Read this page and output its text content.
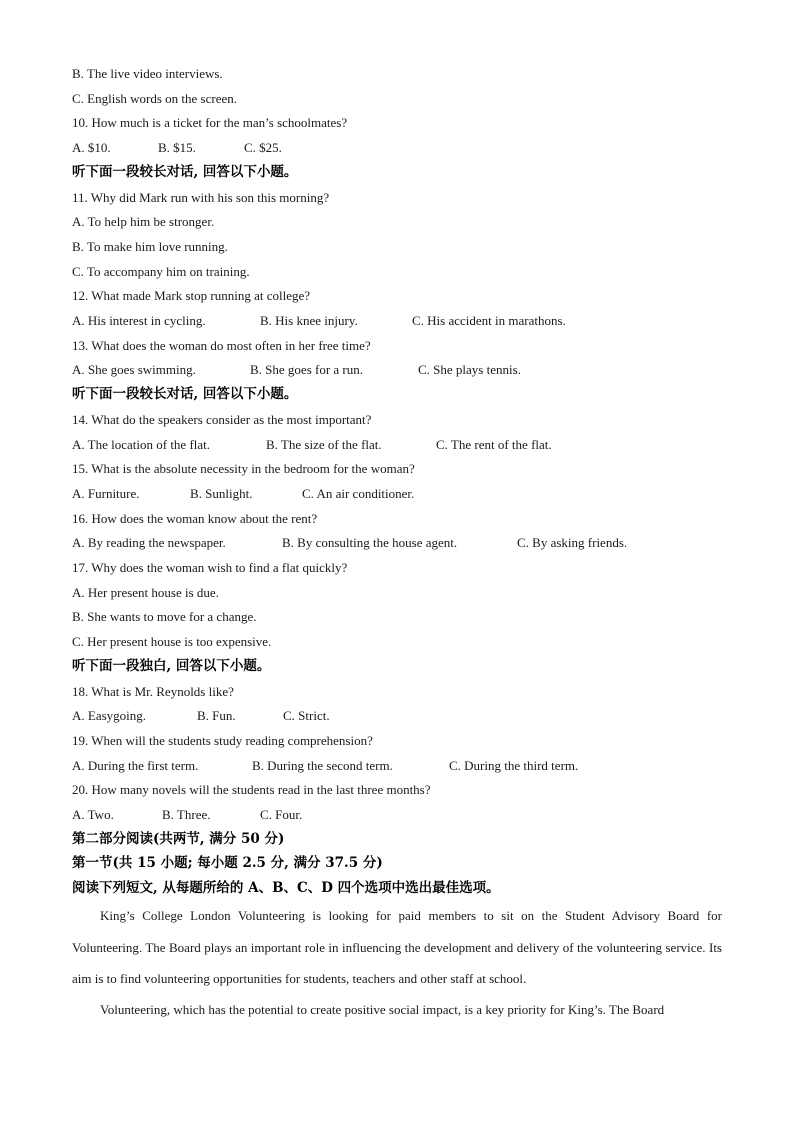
B. The live video interviews.
C. English words on the screen.
10. How much is a ticket for the man’s schoolmates?
A. $10.	B. $15.	C. $25.
听下面一段较长对话, 回答以下小题。
11. Why did Mark run with his son this morning?
A. To help him be stronger.
B. To make him love running.
C. To accompany him on training.
12. What made Mark stop running at college?
A. His interest in cycling.	B. His knee injury.	C. His accident in marathons.
13. What does the woman do most often in her free time?
A. She goes swimming.	B. She goes for a run.	C. She plays tennis.
听下面一段较长对话, 回答以下小题。
14. What do the speakers consider as the most important?
A. The location of the flat.	B. The size of the flat.	C. The rent of the flat.
15. What is the absolute necessity in the bedroom for the woman?
A. Furniture.	B. Sunlight.	C. An air conditioner.
16. How does the woman know about the rent?
A. By reading the newspaper.	B. By consulting the house agent.	C. By asking friends.
17. Why does the woman wish to find a flat quickly?
A. Her present house is due.
B. She wants to move for a change.
C. Her present house is too expensive.
听下面一段独白, 回答以下小题。
18. What is Mr. Reynolds like?
A. Easygoing.	B. Fun.	C. Strict.
19. When will the students study reading comprehension?
A. During the first term.	B. During the second term.	C. During the third term.
20. How many novels will the students read in the last three months?
A. Two.	B. Three.	C. Four.
第二部分阅读(共两节, 满分 50 分)
第一节(共 15 小题; 每小题 2.5 分, 满分 37.5 分)
阅读下列短文, 从每题所给的 A、B、C、D 四个选项中选出最佳选项。

King’s College London Volunteering is looking for paid members to sit on the Student Advisory Board for Volunteering. The Board plays an important role in influencing the development and delivery of the volunteering service. Its aim is to find volunteering opportunities for students, teachers and other staff at school.

Volunteering, which has the potential to create positive social impact, is a key priority for King’s. The Board
